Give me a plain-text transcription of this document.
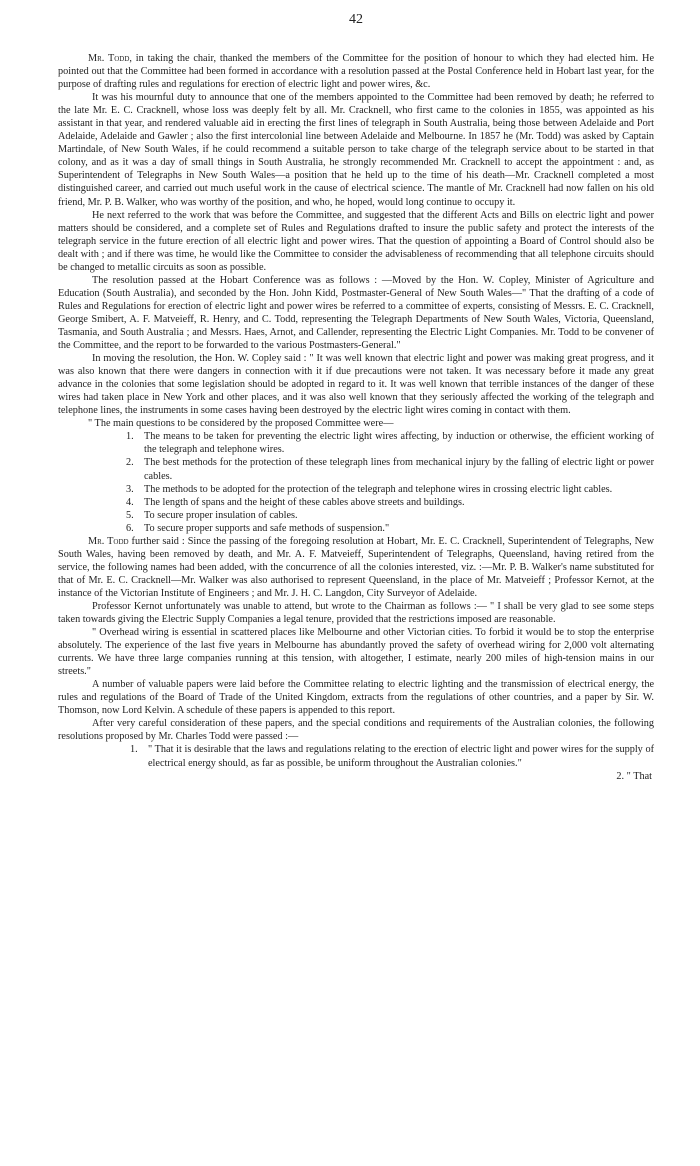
42

Mr. Todd, in taking the chair, thanked the members of the Committee for the position of honour to which they had elected him. He pointed out that the Committee had been formed in accordance with a resolution passed at the Postal Conference held in Hobart last year, for the purpose of drafting rules and regulations for erection of electric light and power wires, &c.

It was his mournful duty to announce that one of the members appointed to the Committee had been removed by death; he referred to the late Mr. E. C. Cracknell, whose loss was deeply felt by all. Mr. Cracknell, who first came to the colonies in 1855, was appointed as his assistant in that year, and rendered valuable aid in erecting the first lines of telegraph in South Australia, being those between Adelaide and Port Adelaide, Adelaide and Gawler ; also the first intercolonial line between Adelaide and Melbourne. In 1857 he (Mr. Todd) was asked by Captain Martindale, of New South Wales, if he could recommend a suitable person to take charge of the telegraph service about to be started in that colony, and as it was a day of small things in South Australia, he strongly recommended Mr. Cracknell to accept the appointment : and, as Superintendent of Telegraphs in New South Wales—a position that he held up to the time of his death—Mr. Cracknell completed a most distinguished career, and carried out much useful work in the cause of electrical science. The mantle of Mr. Cracknell had now fallen on his old friend, Mr. P. B. Walker, who was worthy of the position, and who, he hoped, would long continue to occupy it.

He next referred to the work that was before the Committee, and suggested that the different Acts and Bills on electric light and power matters should be considered, and a complete set of Rules and Regulations drafted to insure the public safety and protect the interests of the telegraph service in the future erection of all electric light and power wires. That the question of appointing a Board of Control should also be dealt with ; and if there was time, he would like the Committee to consider the advisableness of recommending that all telephone circuits should be changed to metallic circuits as soon as possible.

The resolution passed at the Hobart Conference was as follows : —Moved by the Hon. W. Copley, Minister of Agriculture and Education (South Australia), and seconded by the Hon. John Kidd, Postmaster-General of New South Wales—" That the drafting of a code of Rules and Regulations for erection of electric light and power wires be referred to a committee of experts, consisting of Messrs. E. C. Cracknell, George Smibert, A. F. Matveieff, R. Henry, and C. Todd, representing the Telegraph Departments of New South Wales, Victoria, Queensland, Tasmania, and South Australia ; and Messrs. Haes, Arnot, and Callender, representing the Electric Light Companies. Mr. Todd to be convener of the Committee, and the report to be forwarded to the various Postmasters-General."

In moving the resolution, the Hon. W. Copley said : " It was well known that electric light and power was making great progress, and it was also known that there were dangers in connection with it if due precautions were not taken. It was necessary before it made any great advance in the colonies that some legislation should be adopted in regard to it. It was well known that terrible instances of the danger of these wires had taken place in New York and other places, and it was also well known that they seriously affected the working of the telegraph and telephone lines, the instruments in some cases having been destroyed by the electric light wires coming in contact with them.

" The main questions to be considered by the proposed Committee were—

1. The means to be taken for preventing the electric light wires affecting, by induction or otherwise, the efficient working of the telegraph and telephone wires.
2. The best methods for the protection of these telegraph lines from mechanical injury by the falling of electric light or power cables.
3. The methods to be adopted for the protection of the telegraph and telephone wires in crossing electric light cables.
4. The length of spans and the height of these cables above streets and buildings.
5. To secure proper insulation of cables.
6. To secure proper supports and safe methods of suspension."

Mr. Todd further said : Since the passing of the foregoing resolution at Hobart, Mr. E. C. Cracknell, Superintendent of Telegraphs, New South Wales, having been removed by death, and Mr. A. F. Matveieff, Superintendent of Telegraphs, Queensland, having retired from the service, the following names had been added, with the concurrence of all the colonies interested, viz. :—Mr. P. B. Walker's name substituted for that of Mr. E. C. Cracknell—Mr. Walker was also authorised to represent Queensland, in the place of Mr. Matveieff ; Professor Kernot, at the instance of the Victorian Institute of Engineers ; and Mr. J. H. C. Langdon, City Surveyor of Adelaide.

Professor Kernot unfortunately was unable to attend, but wrote to the Chairman as follows :— " I shall be very glad to see some steps taken towards giving the Electric Supply Companies a legal tenure, provided that the restrictions imposed are reasonable.

" Overhead wiring is essential in scattered places like Melbourne and other Victorian cities. To forbid it would be to stop the enterprise absolutely. The experience of the last five years in Melbourne has abundantly proved the safety of overhead wiring for 2,000 volt alternating currents. We have three large companies running at this tension, with altogether, I estimate, nearly 200 miles of high-tension mains in our streets."

A number of valuable papers were laid before the Committee relating to electric lighting and the transmission of electrical energy, the rules and regulations of the Board of Trade of the United Kingdom, extracts from the regulations of other countries, and a paper by Sir. W. Thomson, now Lord Kelvin. A schedule of these papers is appended to this report.

After very careful consideration of these papers, and the special conditions and requirements of the Australian colonies, the following resolutions proposed by Mr. Charles Todd were passed :—

1. " That it is desirable that the laws and regulations relating to the erection of electric light and power wires for the supply of electrical energy should, as far as possible, be uniform throughout the Australian colonies."

2. " That
